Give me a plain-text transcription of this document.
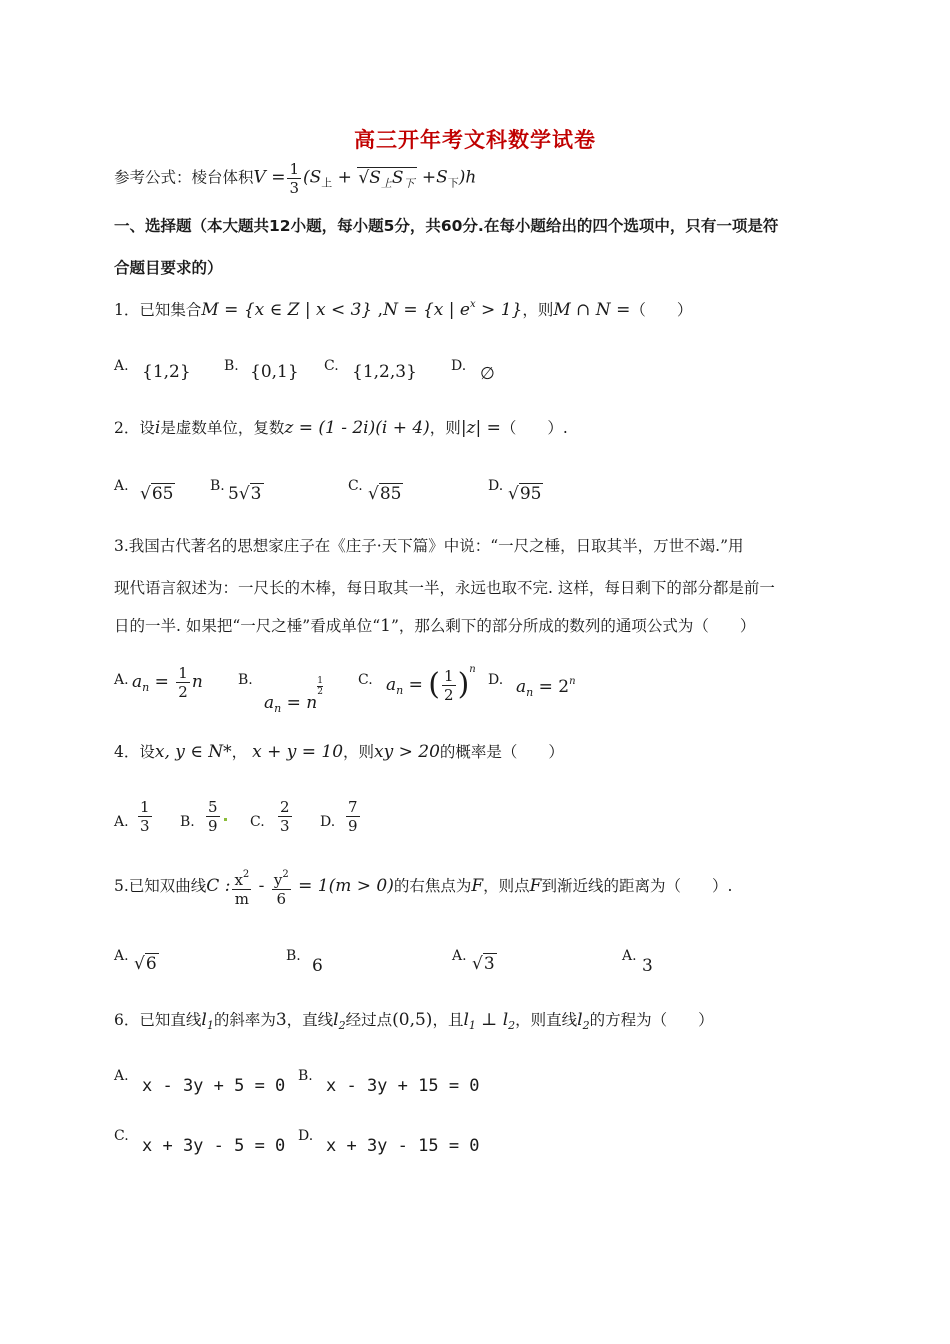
高三开年考文科数学试卷
参考公式：棱台体积$V = \frac{1}{3} (S_上 + √S_上S_下 +S_下)h$
一、选择题（本大题共12小题，每小题5分，共60分.在每小题给出的四个选项中，只有一项是符
合题目要求的）
1．已知集合M = {x ∈ Z | x < 3} ,N = {x | $e^x > 1$}，则M ∩ N =（　　）
A. {1,2} B. {0,1} C. {1,2,3} D. ∅
2．设i是虚数单位，复数z = (1 - 2i)(i + 4)，则|z| =（　　）.
A. √65	B. 5√3	C. √85	D. √95
3.我国古代著名的思想家庄子在《庄子·天下篇》中说：“一尺之棰，日取其半，万世不竭.”用
现代语言叙述为：一尺长的木棒，每日取其一半，永远也取不完. 这样，每日剩下的部分都是前一
日的一半. 如果把“一尺之棰”看成单位“1”，那么剩下的部分所成的数列的通项公式为（　　）
A. $a_n = \frac{1}{2}$ n	B.
$a_n = n$
$\frac{1}{2}$	C. $a_n$ = ( $\frac{1}{2} )^n$
D. $a_n = 2^n$
4．设x, y ∈ N*， x + y = 10，则xy > 20的概率是（　　）
A. $\frac{1}{3} B$. $\frac{5}{9} C$. $\frac{2}{3} D$. $\frac{7}{9}$
5.已知双曲线C : $\frac{x^2}{m} - \frac{y^2}{6} = 1(m > 0)$的右焦点为F，则点F到渐近线的距离为（　　）.
A. √6	B. 6	A. √3	A. 3
6．已知直线$l_1$的斜率为3，直线$l_2$经过点(0,5)，且$l_1$ ⊥ $l_2$，则直线$l_2$的方程为（　　）
A. x - 3y + 5 = 0 B. x - 3y + 15 = 0
C. x + 3y - 5 = 0 D. x + 3y - 15 = 0
